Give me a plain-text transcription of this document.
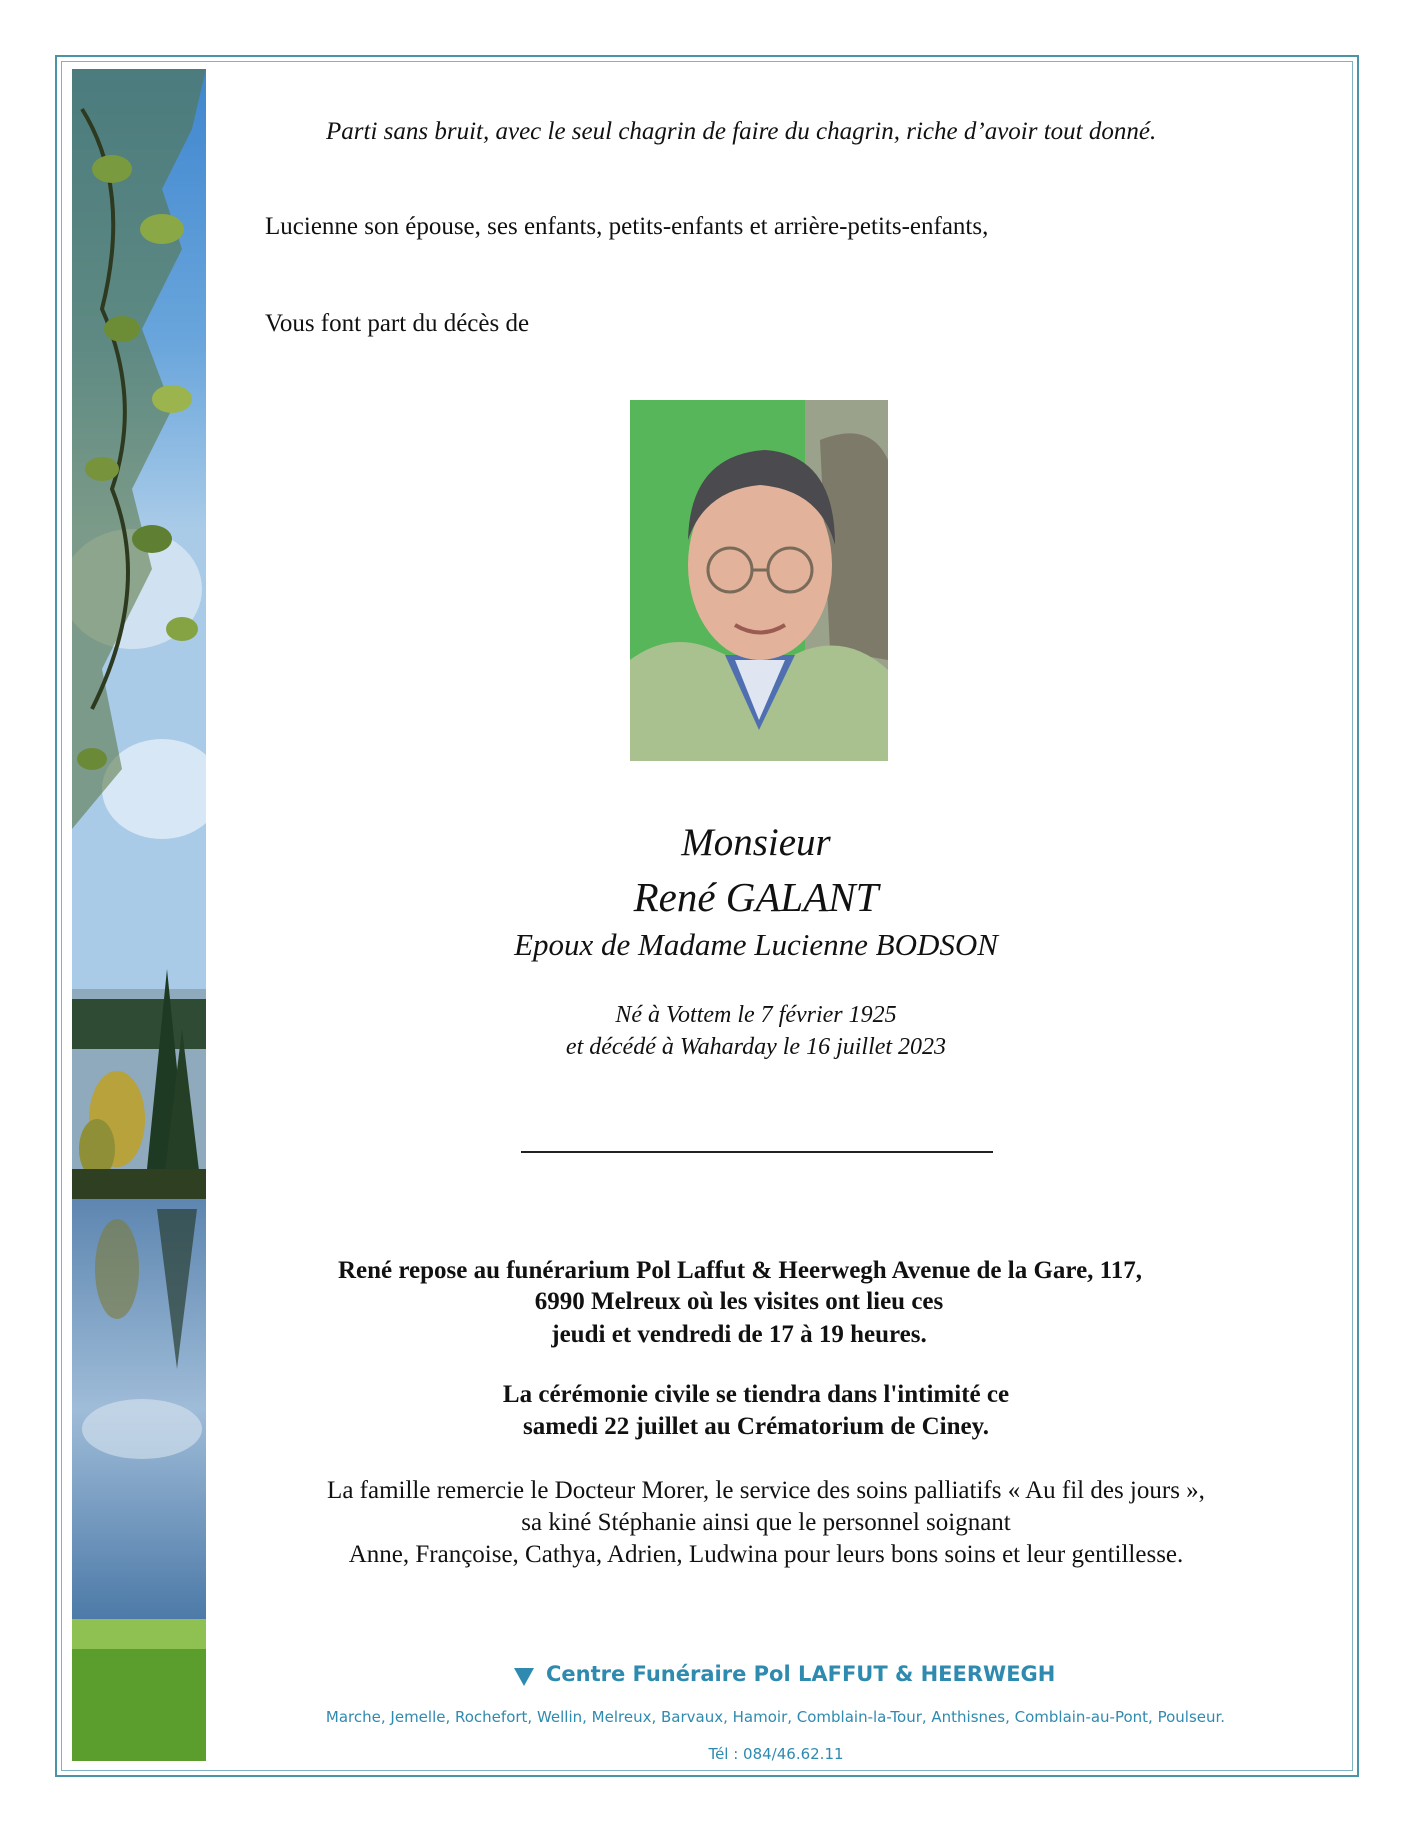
Parti sans bruit, avec le seul chagrin de faire du chagrin, riche d’avoir tout donné.
Lucienne son épouse, ses enfants, petits-enfants et arrière-petits-enfants,
Vous font part du décès de
Monsieur
René GALANT
Epoux de Madame Lucienne BODSON
Né à Vottem le 7 février 1925
et décédé à Waharday le 16 juillet 2023
René repose au funérarium Pol Laffut & Heerwegh Avenue de la Gare, 117,
6990 Melreux où les visites ont lieu ces
jeudi et vendredi de 17 à 19 heures.
La cérémonie civile se tiendra dans l'intimité ce
samedi 22 juillet au Crématorium de Ciney.
La famille remercie le Docteur Morer, le service des soins palliatifs « Au fil des jours »,
sa kiné Stéphanie ainsi que le personnel soignant
Anne, Françoise, Cathya, Adrien, Ludwina pour leurs bons soins et leur gentillesse.
Centre Funéraire Pol LAFFUT & HEERWEGH
Marche, Jemelle, Rochefort, Wellin, Melreux, Barvaux, Hamoir, Comblain-la-Tour, Anthisnes, Comblain-au-Pont, Poulseur.
Tél : 084/46.62.11
